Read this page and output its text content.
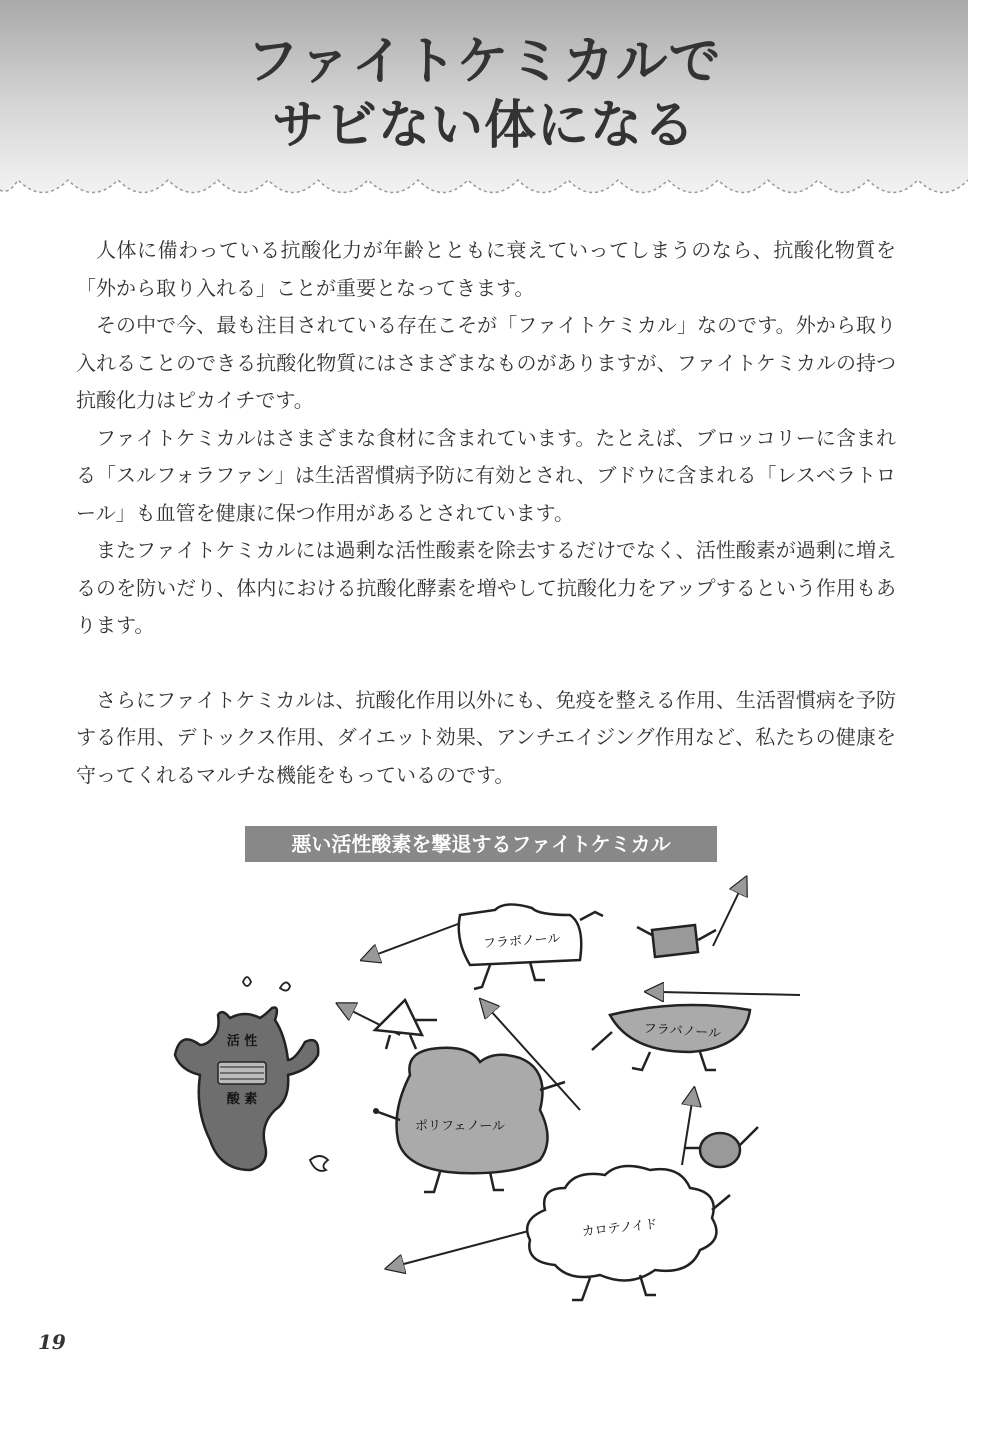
ファイトケミカルで
サビない体になる

人体に備わっている抗酸化力が年齢とともに衰えていってしまうのなら、抗酸化物質を「外から取り入れる」ことが重要となってきます。

その中で今、最も注目されている存在こそが「ファイトケミカル」なのです。外から取り入れることのできる抗酸化物質にはさまざまなものがありますが、ファイトケミカルの持つ抗酸化力はピカイチです。

ファイトケミカルはさまざまな食材に含まれています。たとえば、ブロッコリーに含まれる「スルフォラファン」は生活習慣病予防に有効とされ、ブドウに含まれる「レスベラトロール」も血管を健康に保つ作用があるとされています。

またファイトケミカルには過剰な活性酸素を除去するだけでなく、活性酸素が過剰に増えるのを防いだり、体内における抗酸化酵素を増やして抗酸化力をアップするという作用もあります。

さらにファイトケミカルは、抗酸化作用以外にも、免疫を整える作用、生活習慣病を予防する作用、デトックス作用、ダイエット効果、アンチエイジング作用など、私たちの健康を守ってくれるマルチな機能をもっているのです。

悪い活性酸素を撃退するファイトケミカル
活 性
酸 素
フラボノール
フラバノール
ポリフェノール
カロテノイド
19
